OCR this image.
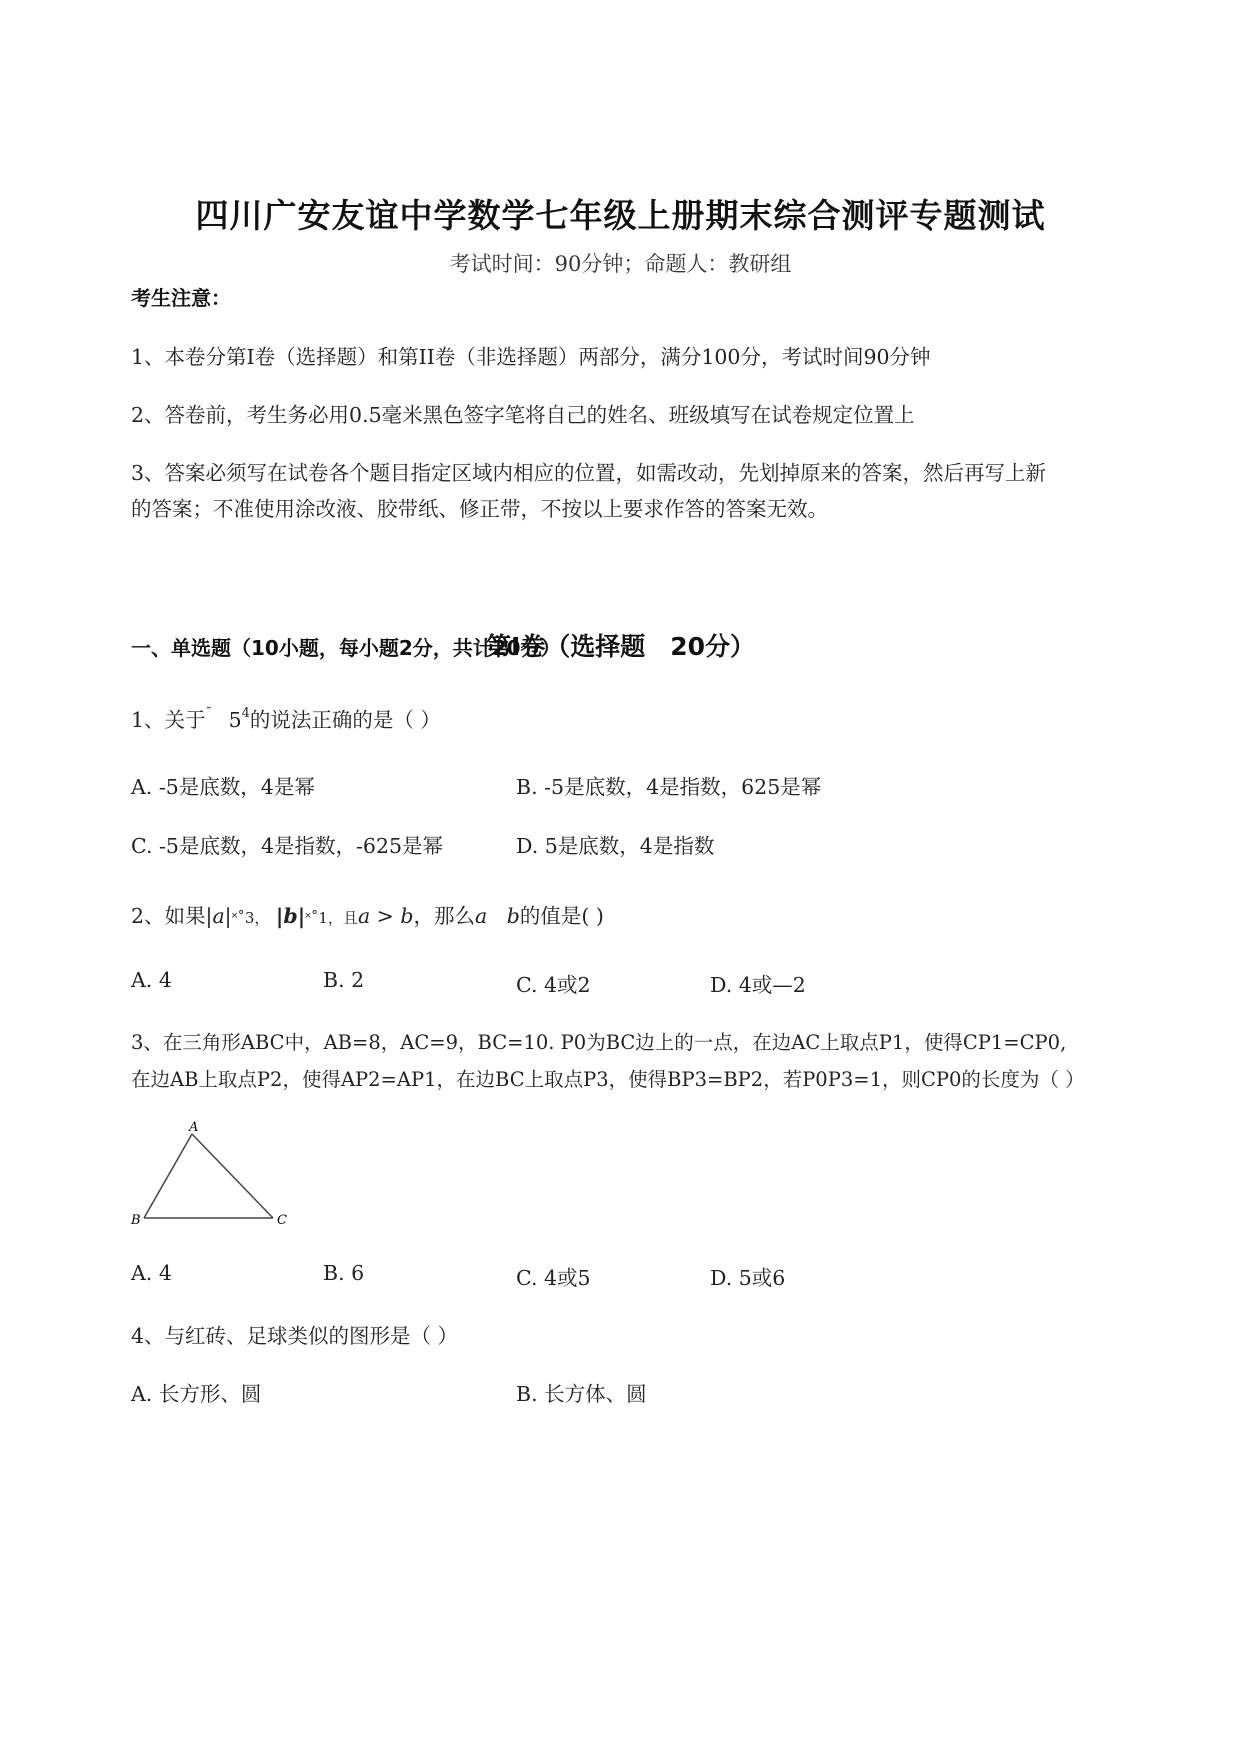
四川广安友谊中学数学七年级上册期末综合测评专题测试
考试时间：90分钟；命题人：教研组
考生注意：
1、本卷分第I卷（选择题）和第II卷（非选择题）两部分，满分100分，考试时间90分钟
2、答卷前，考生务必用0.5毫米黑色签字笔将自己的姓名、班级填写在试卷规定位置上
3、答案必须写在试卷各个题目指定区域内相应的位置，如需改动，先划掉原来的答案，然后再写上新
的答案；不准使用涂改液、胶带纸、修正带，不按以上要求作答的答案无效。
第I卷（选择题　20分）
一、单选题（10小题，每小题2分，共计20分）
1、关于˜ $5^4$的说法正确的是（ ）
A. -5是底数，4是幂	B. -5是底数，4是指数，625是幂
C. -5是底数，4是指数，-625是幂	D. 5是底数，4是指数
2、如果|a|˟˚3， |b|˟˚1，且a > b，那么a b的值是( )
A. 4	B. 2	C. 4或2	D. 4或—2
3、在三角形ABC中，AB=8，AC=9，BC=10. P0为BC边上的一点，在边AC上取点P1，使得CP1=CP0,
在边AB上取点P2，使得AP2=AP1，在边BC上取点P3，使得BP3=BP2，若P0P3=1，则CP0的长度为（ ）
A
B	C
A. 4	B. 6	C. 4或5	D. 5或6
4、与红砖、足球类似的图形是（ ）
A. 长方形、圆	B. 长方体、圆
